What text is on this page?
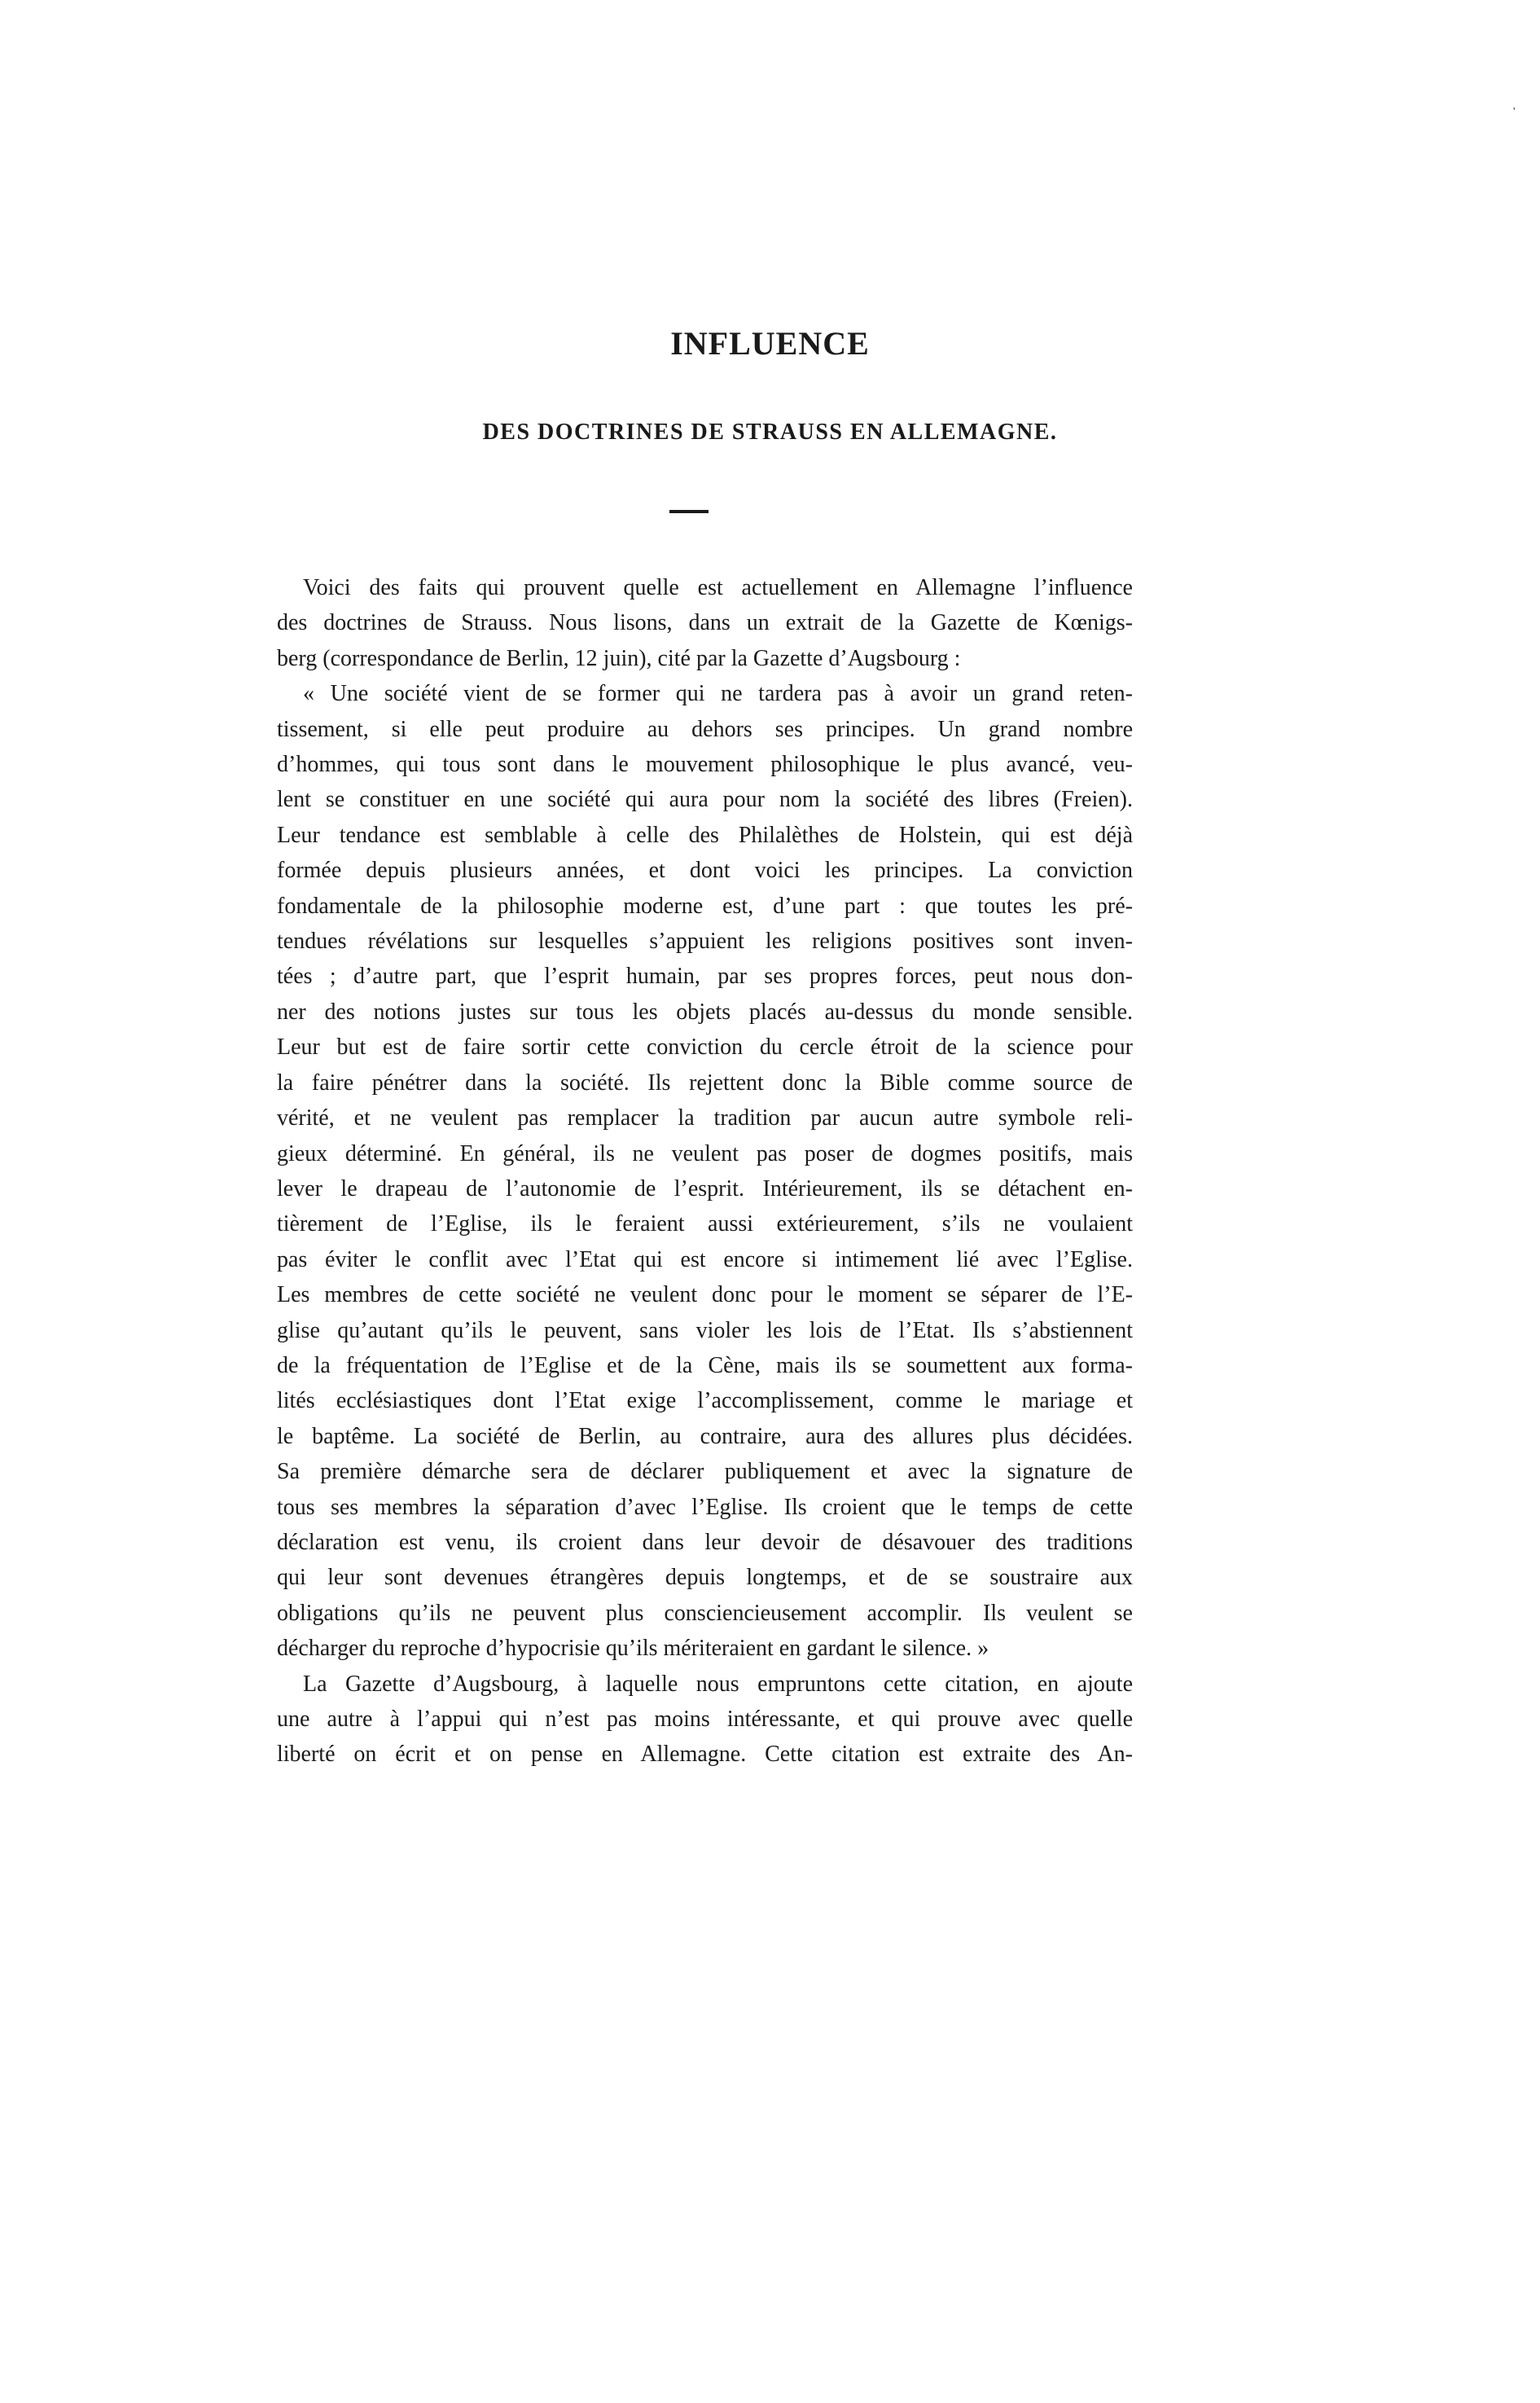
'
INFLUENCE
DES DOCTRINES DE STRAUSS EN ALLEMAGNE.

Voici des faits qui prouvent quelle est actuellement en Allemagne l’influence
des doctrines de Strauss. Nous lisons, dans un extrait de la Gazette de Kœnigs-
berg (correspondance de Berlin, 12 juin), cité par la Gazette d’Augsbourg :

« Une société vient de se former qui ne tardera pas à avoir un grand reten-
tissement, si elle peut produire au dehors ses principes. Un grand nombre
d’hommes, qui tous sont dans le mouvement philosophique le plus avancé, veu-
lent se constituer en une société qui aura pour nom la société des libres (Freien).
Leur tendance est semblable à celle des Philalèthes de Holstein, qui est déjà
formée depuis plusieurs années, et dont voici les principes. La conviction
fondamentale de la philosophie moderne est, d’une part : que toutes les pré-
tendues révélations sur lesquelles s’appuient les religions positives sont inven-
tées ; d’autre part, que l’esprit humain, par ses propres forces, peut nous don-
ner des notions justes sur tous les objets placés au-dessus du monde sensible.
Leur but est de faire sortir cette conviction du cercle étroit de la science pour
la faire pénétrer dans la société. Ils rejettent donc la Bible comme source de
vérité, et ne veulent pas remplacer la tradition par aucun autre symbole reli-
gieux déterminé. En général, ils ne veulent pas poser de dogmes positifs, mais
lever le drapeau de l’autonomie de l’esprit. Intérieurement, ils se détachent en-
tièrement de l’Eglise, ils le feraient aussi extérieurement, s’ils ne voulaient
pas éviter le conflit avec l’Etat qui est encore si intimement lié avec l’Eglise.
Les membres de cette société ne veulent donc pour le moment se séparer de l’E-
glise qu’autant qu’ils le peuvent, sans violer les lois de l’Etat. Ils s’abstiennent
de la fréquentation de l’Eglise et de la Cène, mais ils se soumettent aux forma-
lités ecclésiastiques dont l’Etat exige l’accomplissement, comme le mariage et
le baptême. La société de Berlin, au contraire, aura des allures plus décidées.
Sa première démarche sera de déclarer publiquement et avec la signature de
tous ses membres la séparation d’avec l’Eglise. Ils croient que le temps de cette
déclaration est venu, ils croient dans leur devoir de désavouer des traditions
qui leur sont devenues étrangères depuis longtemps, et de se soustraire aux
obligations qu’ils ne peuvent plus consciencieusement accomplir. Ils veulent se
décharger du reproche d’hypocrisie qu’ils mériteraient en gardant le silence. »

La Gazette d’Augsbourg, à laquelle nous empruntons cette citation, en ajoute
une autre à l’appui qui n’est pas moins intéressante, et qui prouve avec quelle
liberté on écrit et on pense en Allemagne. Cette citation est extraite des An-
